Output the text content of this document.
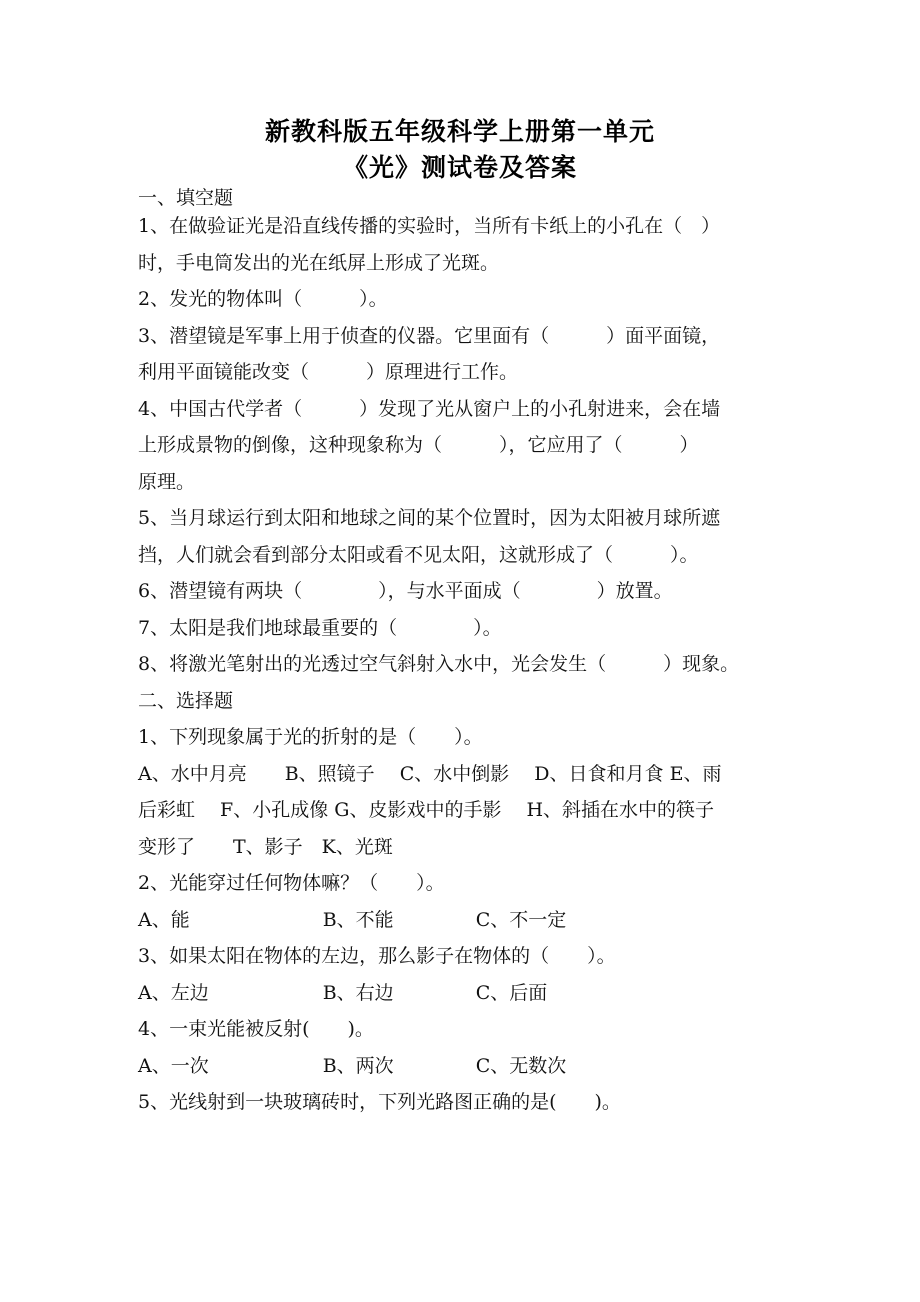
新教科版五年级科学上册第一单元
《光》测试卷及答案
一、填空题
1、在做验证光是沿直线传播的实验时，当所有卡纸上的小孔在（　）
时，手电筒发出的光在纸屏上形成了光斑。
2、发光的物体叫（　　　）。
3、潜望镜是军事上用于侦查的仪器。它里面有（　　　）面平面镜，
利用平面镜能改变（　　　）原理进行工作。
4、中国古代学者（　　　）发现了光从窗户上的小孔射进来，会在墙
上形成景物的倒像，这种现象称为（　　　），它应用了（　　　）
原理。
5、当月球运行到太阳和地球之间的某个位置时，因为太阳被月球所遮
挡，人们就会看到部分太阳或看不见太阳，这就形成了（　　　）。
6、潜望镜有两块（　　　　），与水平面成（　　　　）放置。
7、太阳是我们地球最重要的（　　　　）。
8、将激光笔射出的光透过空气斜射入水中，光会发生（　　　）现象。
二、选择题
1、下列现象属于光的折射的是（　　）。
A、水中月亮　　B、照镜子　 C、水中倒影　 D、日食和月食 E、雨
后彩虹　 F、小孔成像 G、皮影戏中的手影　 H、斜插在水中的筷子
变形了　　T、影子　K、光斑
2、光能穿过任何物体嘛？（　　）。
A、能　　　　　　　B、不能　　　　 C、不一定
3、如果太阳在物体的左边，那么影子在物体的（　　）。
A、左边　　　　　　B、右边　　　　 C、后面
4、一束光能被反射(　　)。
A、一次　　　　　　B、两次　　　　 C、无数次
5、光线射到一块玻璃砖时，下列光路图正确的是(　　)。
